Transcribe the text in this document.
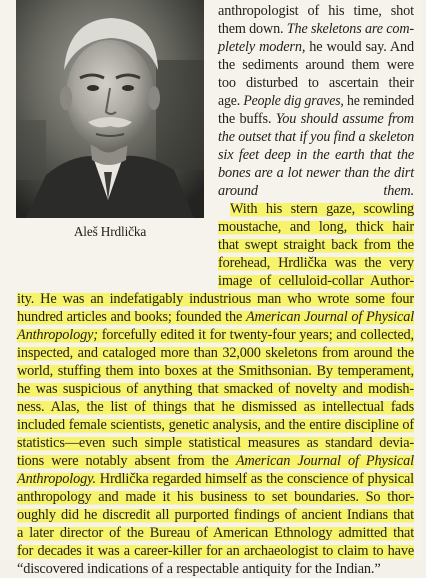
Aleš Hrdlička
anthropologist of his time, shot
them down. The skeletons are com-
pletely modern, he would say. And
the sediments around them were
too disturbed to ascertain their
age. People dig graves, he reminded
the buffs. You should assume from
the outset that if you find a skeleton
six feet deep in the earth that the
bones are a lot newer than the dirt
around them.
With his stern gaze, scowling
moustache, and long, thick hair
that swept straight back from the
forehead, Hrdlička was the very
image of celluloid-collar Author-
ity. He was an indefatigably industrious man who wrote some four
hundred articles and books; founded the American Journal of Physical
Anthropology; forcefully edited it for twenty-four years; and collected,
inspected, and cataloged more than 32,000 skeletons from around the
world, stuffing them into boxes at the Smithsonian. By temperament,
he was suspicious of anything that smacked of novelty and modish-
ness. Alas, the list of things that he dismissed as intellectual fads
included female scientists, genetic analysis, and the entire discipline of
statistics—even such simple statistical measures as standard devia-
tions were notably absent from the American Journal of Physical
Anthropology. Hrdlička regarded himself as the conscience of physical
anthropology and made it his business to set boundaries. So thor-
oughly did he discredit all purported findings of ancient Indians that
a later director of the Bureau of American Ethnology admitted that
for decades it was a career-killer for an archaeologist to claim to have
“discovered indications of a respectable antiquity for the Indian.”
